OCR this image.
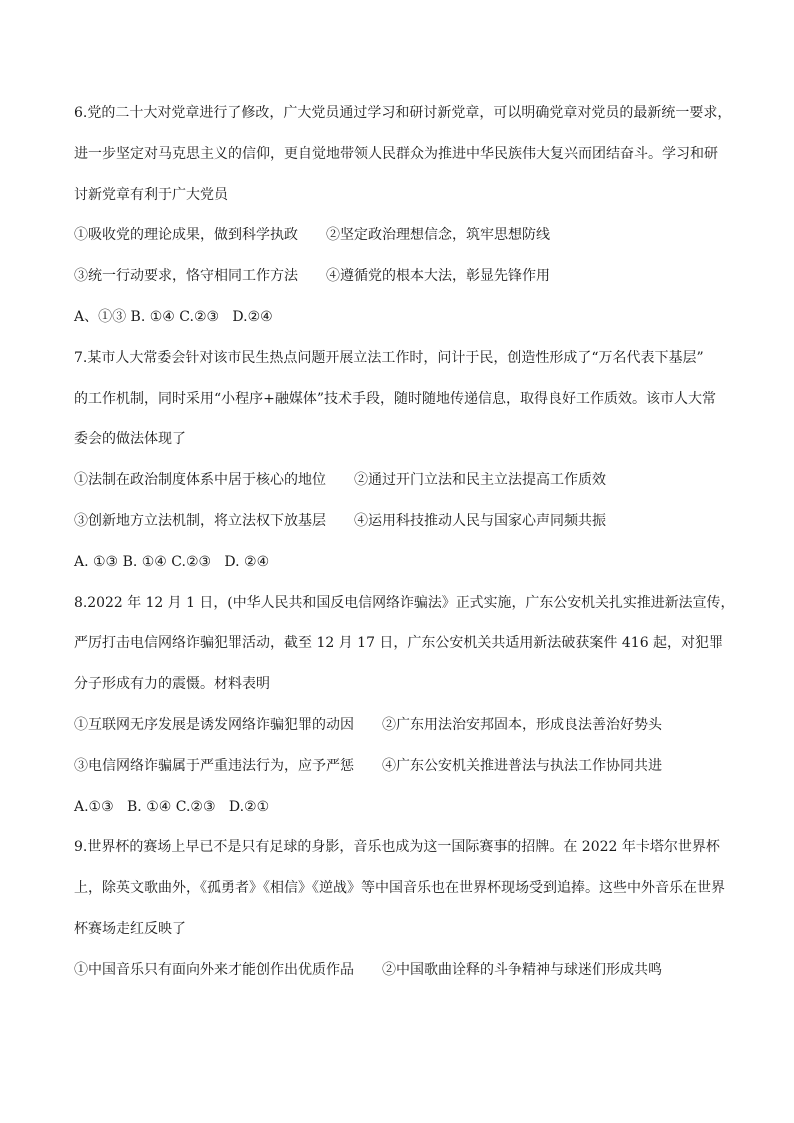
6.党的二十大对党章进行了修改，广大党员通过学习和研讨新党章，可以明确党章对党员的最新统一要求，
进一步坚定对马克思主义的信仰，更自觉地带领人民群众为推进中华民族伟大复兴而团结奋斗。学习和研
讨新党章有利于广大党员
①吸收党的理论成果，做到科学执政 ②坚定政治理想信念，筑牢思想防线
③统一行动要求，恪守相同工作方法 ④遵循党的根本大法，彰显先锋作用
A、①③ B. ①④ C.②③   D.②④
7.某市人大常委会针对该市民生热点问题开展立法工作时，问计于民，创造性形成了“万名代表下基层”
的工作机制，同时采用“小程序+融媒体”技术手段，随时随地传递信息，取得良好工作质效。该市人大常
委会的做法体现了
①法制在政治制度体系中居于核心的地位 ②通过开门立法和民主立法提高工作质效
③创新地方立法机制，将立法权下放基层 ④运用科技推动人民与国家心声同频共振
A. ①③ B. ①④ C.②③   D. ②④
8.2022 年 12 月 1 日，(中华人民共和国反电信网络诈骗法》正式实施，广东公安机关扎实推进新法宣传，
严厉打击电信网络诈骗犯罪活动，截至 12 月 17 日，广东公安机关共适用新法破获案件 416 起，对犯罪
分子形成有力的震慑。材料表明
①互联网无序发展是诱发网络诈骗犯罪的动因 ②广东用法治安邦固本，形成良法善治好势头
③电信网络诈骗属于严重违法行为，应予严惩 ④广东公安机关推进普法与执法工作协同共进
A.①③   B. ①④ C.②③   D.②①
9.世界杯的赛场上早已不是只有足球的身影，音乐也成为这一国际赛事的招牌。在 2022 年卡塔尔世界杯
上，除英文歌曲外，《孤勇者》《相信》《逆战》等中国音乐也在世界杯现场受到追捧。这些中外音乐在世界
杯赛场走红反映了
①中国音乐只有面向外来才能创作出优质作品 ②中国歌曲诠释的斗争精神与球迷们形成共鸣
